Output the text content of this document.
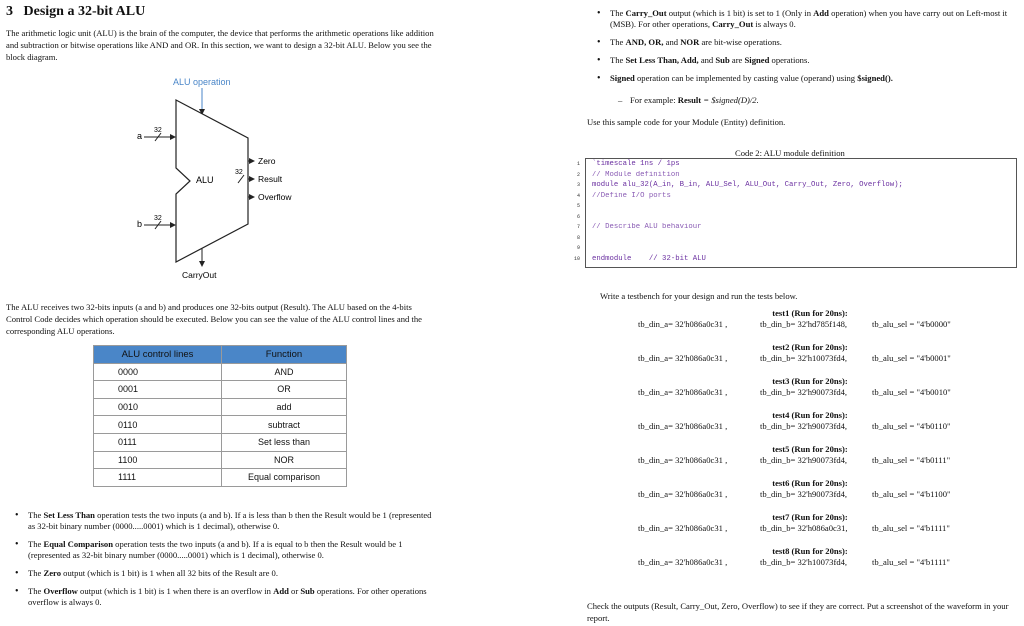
3 Design a 32-bit ALU
The arithmetic logic unit (ALU) is the brain of the computer, the device that performs the arithmetic operations like addition and subtraction or bitwise operations like AND and OR. In this section, we want to design a 32-bit ALU. Below you see the block diagram.
ALU operation
ALU
a
32
b
32
Zero
32
Result
Overflow
CarryOut
The ALU receives two 32-bits inputs (a and b) and produces one 32-bits output (Result). The ALU based on the 4-bits Control Code decides which operation should be executed. Below you can see the value of the ALU control lines and the corresponding ALU operations.
ALU control lines	Function
0000	AND
0001	OR
0010	add
0110	subtract
0111	Set less than
1100	NOR
1111	Equal comparison
• The Set Less Than operation tests the two inputs (a and b). If a is less than b then the Result would be 1 (represented as 32-bit binary number (0000.....0001) which is 1 decimal), otherwise 0.
• The Equal Comparison operation tests the two inputs (a and b). If a is equal to b then the Result would be 1 (represented as 32-bit binary number (0000.....0001) which is 1 decimal), otherwise 0.
• The Zero output (which is 1 bit) is 1 when all 32 bits of the Result are 0.
• The Overflow output (which is 1 bit) is 1 when there is an overflow in Add or Sub operations. For other operations overflow is always 0.
• The Carry_Out output (which is 1 bit) is set to 1 (Only in Add operation) when you have carry out on Left-most it (MSB). For other operations, Carry_Out is always 0.
• The AND, OR, and NOR are bit-wise operations.
• The Set Less Than, Add, and Sub are Signed operations.
• Signed operation can be implemented by casting value (operand) using $signed().
– For example: Result = $signed(D)/2.
Use this sample code for your Module (Entity) definition.
Code 2: ALU module definition
1 `timescale 1ns / 1ps
2 // Module definition
3 module alu_32(A_in, B_in, ALU_Sel, ALU_Out, Carry_Out, Zero, Overflow);
4 //Define I/O ports
5
6
7 // Describe ALU behaviour
8
9
10 endmodule    // 32-bit ALU
Write a testbench for your design and run the tests below.
test1 (Run for 20ns):
tb_din_a= 32'h086a0c31 ,	tb_din_b= 32'hd785f148,	tb_alu_sel = "4'b0000"
test2 (Run for 20ns):
tb_din_a= 32'h086a0c31 ,	tb_din_b= 32'h10073fd4,	tb_alu_sel = "4'b0001"
test3 (Run for 20ns):
tb_din_a= 32'h086a0c31 ,	tb_din_b= 32'h90073fd4,	tb_alu_sel = "4'b0010"
test4 (Run for 20ns):
tb_din_a= 32'h086a0c31 ,	tb_din_b= 32'h90073fd4,	tb_alu_sel = "4'b0110"
test5 (Run for 20ns):
tb_din_a= 32'h086a0c31 ,	tb_din_b= 32'h90073fd4,	tb_alu_sel = "4'b0111"
test6 (Run for 20ns):
tb_din_a= 32'h086a0c31 ,	tb_din_b= 32'h90073fd4,	tb_alu_sel = "4'b1100"
test7 (Run for 20ns):
tb_din_a= 32'h086a0c31 ,	tb_din_b= 32'h086a0c31,	tb_alu_sel = "4'b1111"
test8 (Run for 20ns):
tb_din_a= 32'h086a0c31 ,	tb_din_b= 32'h10073fd4,	tb_alu_sel = "4'b1111"
Check the outputs (Result, Carry_Out, Zero, Overflow) to see if they are correct. Put a screenshot of the waveform in your report.
